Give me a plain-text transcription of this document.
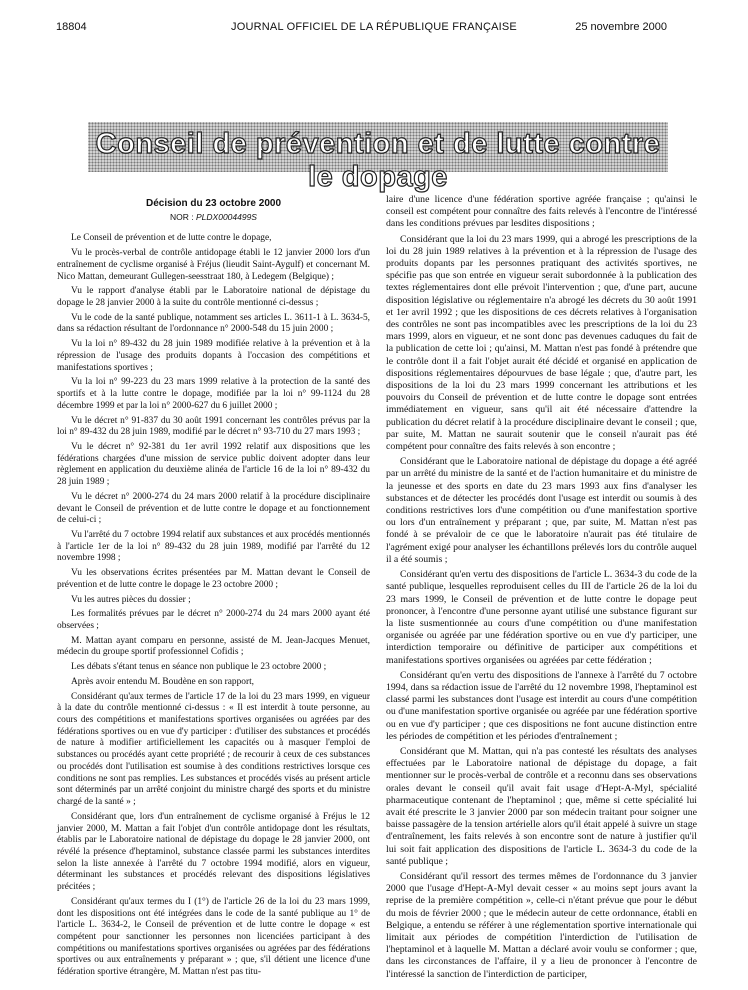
18804	JOURNAL OFFICIEL DE LA RÉPUBLIQUE FRANÇAISE	25 novembre 2000
Conseil de prévention et de lutte contre le dopage

Décision du 23 octobre 2000

NOR : PLDX0004499S

Le Conseil de prévention et de lutte contre le dopage,

Vu le procès-verbal de contrôle antidopage établi le 12 janvier 2000 lors d'un entraînement de cyclisme organisé à Fréjus (lieudit Saint-Aygulf) et concernant M. Nico Mattan, demeurant Gullegen-seesstraat 180, à Ledegem (Belgique) ;

Vu le rapport d'analyse établi par le Laboratoire national de dépistage du dopage le 28 janvier 2000 à la suite du contrôle mentionné ci-dessus ;

Vu le code de la santé publique, notamment ses articles L. 3611-1 à L. 3634-5, dans sa rédaction résultant de l'ordonnance n° 2000-548 du 15 juin 2000 ;

Vu la loi n° 89-432 du 28 juin 1989 modifiée relative à la prévention et à la répression de l'usage des produits dopants à l'occasion des compétitions et manifestations sportives ;

Vu la loi n° 99-223 du 23 mars 1999 relative à la protection de la santé des sportifs et à la lutte contre le dopage, modifiée par la loi n° 99-1124 du 28 décembre 1999 et par la loi n° 2000-627 du 6 juillet 2000 ;

Vu le décret n° 91-837 du 30 août 1991 concernant les contrôles prévus par la loi n° 89-432 du 28 juin 1989, modifié par le décret n° 93-710 du 27 mars 1993 ;

Vu le décret n° 92-381 du 1er avril 1992 relatif aux dispositions que les fédérations chargées d'une mission de service public doivent adopter dans leur règlement en application du deuxième alinéa de l'article 16 de la loi n° 89-432 du 28 juin 1989 ;

Vu le décret n° 2000-274 du 24 mars 2000 relatif à la procédure disciplinaire devant le Conseil de prévention et de lutte contre le dopage et au fonctionnement de celui-ci ;

Vu l'arrêté du 7 octobre 1994 relatif aux substances et aux procédés mentionnés à l'article 1er de la loi n° 89-432 du 28 juin 1989, modifié par l'arrêté du 12 novembre 1998 ;

Vu les observations écrites présentées par M. Mattan devant le Conseil de prévention et de lutte contre le dopage le 23 octobre 2000 ;

Vu les autres pièces du dossier ;

Les formalités prévues par le décret n° 2000-274 du 24 mars 2000 ayant été observées ;

M. Mattan ayant comparu en personne, assisté de M. Jean-Jacques Menuet, médecin du groupe sportif professionnel Cofidis ;

Les débats s'étant tenus en séance non publique le 23 octobre 2000 ;

Après avoir entendu M. Boudène en son rapport,

Considérant qu'aux termes de l'article 17 de la loi du 23 mars 1999, en vigueur à la date du contrôle mentionné ci-dessus : « Il est interdit à toute personne, au cours des compétitions et manifestations sportives organisées ou agréées par des fédérations sportives ou en vue d'y participer : d'utiliser des substances et procédés de nature à modifier artificiellement les capacités ou à masquer l'emploi de substances ou procédés ayant cette propriété ; de recourir à ceux de ces substances ou procédés dont l'utilisation est soumise à des conditions restrictives lorsque ces conditions ne sont pas remplies. Les substances et procédés visés au présent article sont déterminés par un arrêté conjoint du ministre chargé des sports et du ministre chargé de la santé » ;

Considérant que, lors d'un entraînement de cyclisme organisé à Fréjus le 12 janvier 2000, M. Mattan a fait l'objet d'un contrôle antidopage dont les résultats, établis par le Laboratoire national de dépistage du dopage le 28 janvier 2000, ont révélé la présence d'heptaminol, substance classée parmi les substances interdites selon la liste annexée à l'arrêté du 7 octobre 1994 modifié, alors en vigueur, déterminant les substances et procédés relevant des dispositions législatives précitées ;

Considérant qu'aux termes du I (1°) de l'article 26 de la loi du 23 mars 1999, dont les dispositions ont été intégrées dans le code de la santé publique au 1° de l'article L. 3634-2, le Conseil de prévention et de lutte contre le dopage « est compétent pour sanctionner les personnes non licenciées participant à des compétitions ou manifestations sportives organisées ou agréées par des fédérations sportives ou aux entraînements y préparant » ; que, s'il détient une licence d'une fédération sportive étrangère, M. Mattan n'est pas titu-

laire d'une licence d'une fédération sportive agréée française ; qu'ainsi le conseil est compétent pour connaître des faits relevés à l'encontre de l'intéressé dans les conditions prévues par lesdites dispositions ;

Considérant que la loi du 23 mars 1999, qui a abrogé les prescriptions de la loi du 28 juin 1989 relatives à la prévention et à la répression de l'usage des produits dopants par les personnes pratiquant des activités sportives, ne spécifie pas que son entrée en vigueur serait subordonnée à la publication des textes réglementaires dont elle prévoit l'intervention ; que, d'une part, aucune disposition législative ou réglementaire n'a abrogé les décrets du 30 août 1991 et 1er avril 1992 ; que les dispositions de ces décrets relatives à l'organisation des contrôles ne sont pas incompatibles avec les prescriptions de la loi du 23 mars 1999, alors en vigueur, et ne sont donc pas devenues caduques du fait de la publication de cette loi ; qu'ainsi, M. Mattan n'est pas fondé à prétendre que le contrôle dont il a fait l'objet aurait été décidé et organisé en application de dispositions réglementaires dépourvues de base légale ; que, d'autre part, les dispositions de la loi du 23 mars 1999 concernant les attributions et les pouvoirs du Conseil de prévention et de lutte contre le dopage sont entrées immédiatement en vigueur, sans qu'il ait été nécessaire d'attendre la publication du décret relatif à la procédure disciplinaire devant le conseil ; que, par suite, M. Mattan ne saurait soutenir que le conseil n'aurait pas été compétent pour connaître des faits relevés à son encontre ;

Considérant que le Laboratoire national de dépistage du dopage a été agréé par un arrêté du ministre de la santé et de l'action humanitaire et du ministre de la jeunesse et des sports en date du 23 mars 1993 aux fins d'analyser les substances et de détecter les procédés dont l'usage est interdit ou soumis à des conditions restrictives lors d'une compétition ou d'une manifestation sportive ou lors d'un entraînement y préparant ; que, par suite, M. Mattan n'est pas fondé à se prévaloir de ce que le laboratoire n'aurait pas été titulaire de l'agrément exigé pour analyser les échantillons prélevés lors du contrôle auquel il a été soumis ;

Considérant qu'en vertu des dispositions de l'article L. 3634-3 du code de la santé publique, lesquelles reproduisent celles du III de l'article 26 de la loi du 23 mars 1999, le Conseil de prévention et de lutte contre le dopage peut prononcer, à l'encontre d'une personne ayant utilisé une substance figurant sur la liste susmentionnée au cours d'une compétition ou d'une manifestation organisée ou agréée par une fédération sportive ou en vue d'y participer, une interdiction temporaire ou définitive de participer aux compétitions et manifestations sportives organisées ou agréées par cette fédération ;

Considérant qu'en vertu des dispositions de l'annexe à l'arrêté du 7 octobre 1994, dans sa rédaction issue de l'arrêté du 12 novembre 1998, l'heptaminol est classé parmi les substances dont l'usage est interdit au cours d'une compétition ou d'une manifestation sportive organisée ou agréée par une fédération sportive ou en vue d'y participer ; que ces dispositions ne font aucune distinction entre les périodes de compétition et les périodes d'entraînement ;

Considérant que M. Mattan, qui n'a pas contesté les résultats des analyses effectuées par le Laboratoire national de dépistage du dopage, a fait mentionner sur le procès-verbal de contrôle et a reconnu dans ses observations orales devant le conseil qu'il avait fait usage d'Hept-A-Myl, spécialité pharmaceutique contenant de l'heptaminol ; que, même si cette spécialité lui avait été prescrite le 3 janvier 2000 par son médecin traitant pour soigner une baisse passagère de la tension artérielle alors qu'il était appelé à suivre un stage d'entraînement, les faits relevés à son encontre sont de nature à justifier qu'il lui soit fait application des dispositions de l'article L. 3634-3 du code de la santé publique ;

Considérant qu'il ressort des termes mêmes de l'ordonnance du 3 janvier 2000 que l'usage d'Hept-A-Myl devait cesser « au moins sept jours avant la reprise de la première compétition », celle-ci n'étant prévue que pour le début du mois de février 2000 ; que le médecin auteur de cette ordonnance, établi en Belgique, a entendu se référer à une réglementation sportive internationale qui limitait aux périodes de compétition l'interdiction de l'utilisation de l'heptaminol et à laquelle M. Mattan a déclaré avoir voulu se conformer ; que, dans les circonstances de l'affaire, il y a lieu de prononcer à l'encontre de l'intéressé la sanction de l'interdiction de participer,
